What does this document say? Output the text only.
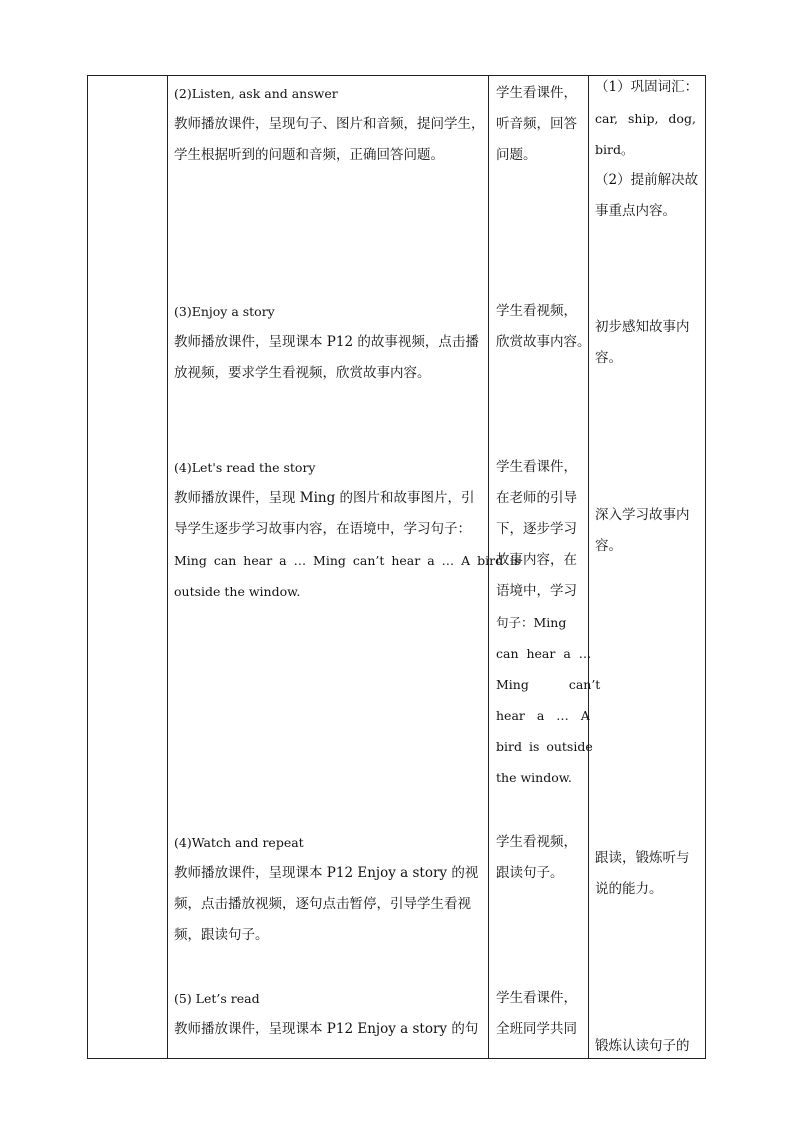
(2)Listen, ask and answer
教师播放课件，呈现句子、图片和音频，提问学生，
学生根据听到的问题和音频，正确回答问题。
学生看课件，
听音频，回答
问题。
（1）巩固词汇：
car, ship, dog,
bird。
（2）提前解决故
事重点内容。
(3)Enjoy a story
教师播放课件，呈现课本 P12 的故事视频，点击播
放视频，要求学生看视频，欣赏故事内容。
学生看视频，
欣赏故事内容。
初步感知故事内
容。
(4)Let's read the story
教师播放课件，呈现 Ming 的图片和故事图片，引
导学生逐步学习故事内容，在语境中，学习句子：
Ming can hear a … Ming can’t hear a … A bird is
outside the window.
学生看课件，
在老师的引导
下，逐步学习
故事内容，在
语境中，学习
句子：Ming
can hear a …
Ming can’t
hear a … A
bird is outside
the window.
深入学习故事内
容。
(4)Watch and repeat
教师播放课件，呈现课本 P12 Enjoy a story 的视
频，点击播放视频，逐句点击暂停，引导学生看视
频，跟读句子。
学生看视频，
跟读句子。
跟读，锻炼听与
说的能力。
(5) Let’s read
教师播放课件，呈现课本 P12 Enjoy a story 的句
学生看课件，
全班同学共同
锻炼认读句子的
